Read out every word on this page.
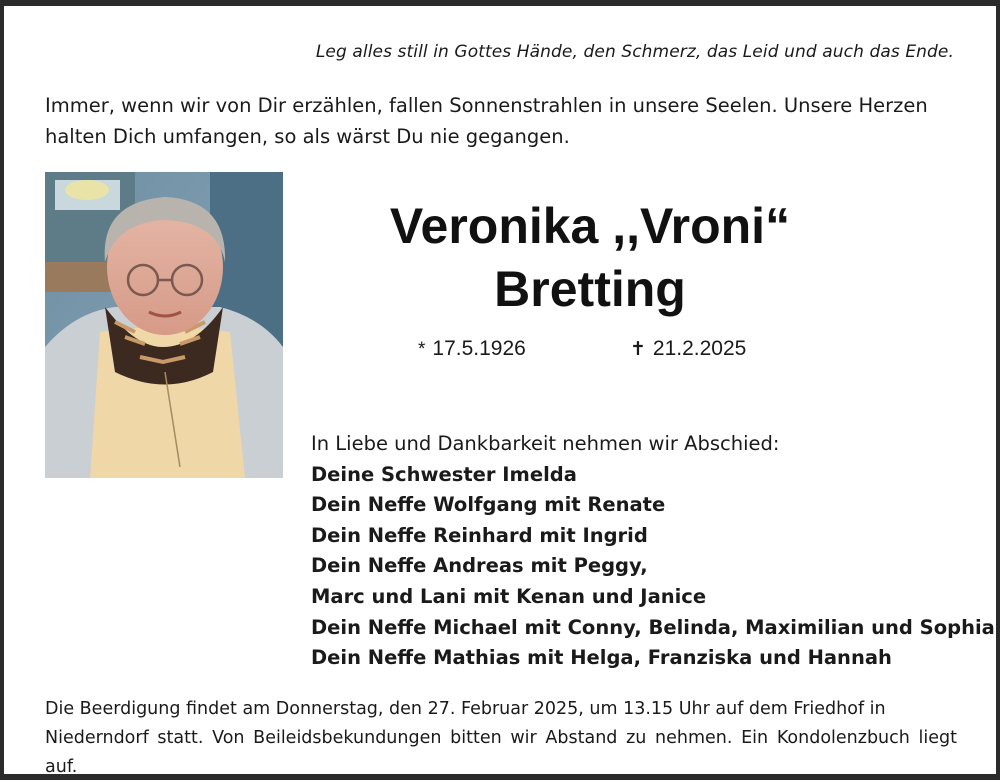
Leg alles still in Gottes Hände, den Schmerz, das Leid und auch das Ende.
Immer, wenn wir von Dir erzählen, fallen Sonnenstrahlen in unsere Seelen. Unsere Herzen
halten Dich umfangen, so als wärst Du nie gegangen.
Veronika ,,Vroni“
Bretting
* 17.5.1926	✝ 21.2.2025
In Liebe und Dankbarkeit nehmen wir Abschied:
Deine Schwester Imelda
Dein Neffe Wolfgang mit Renate
Dein Neffe Reinhard mit Ingrid
Dein Neffe Andreas mit Peggy,
Marc und Lani mit Kenan und Janice
Dein Neffe Michael mit Conny, Belinda, Maximilian und Sophia
Dein Neffe Mathias mit Helga, Franziska und Hannah
Die Beerdigung findet am Donnerstag, den 27. Februar 2025, um 13.15 Uhr auf dem Friedhof in
Niederndorf statt. Von Beileidsbekundungen bitten wir Abstand zu nehmen. Ein Kondolenzbuch liegt auf.
